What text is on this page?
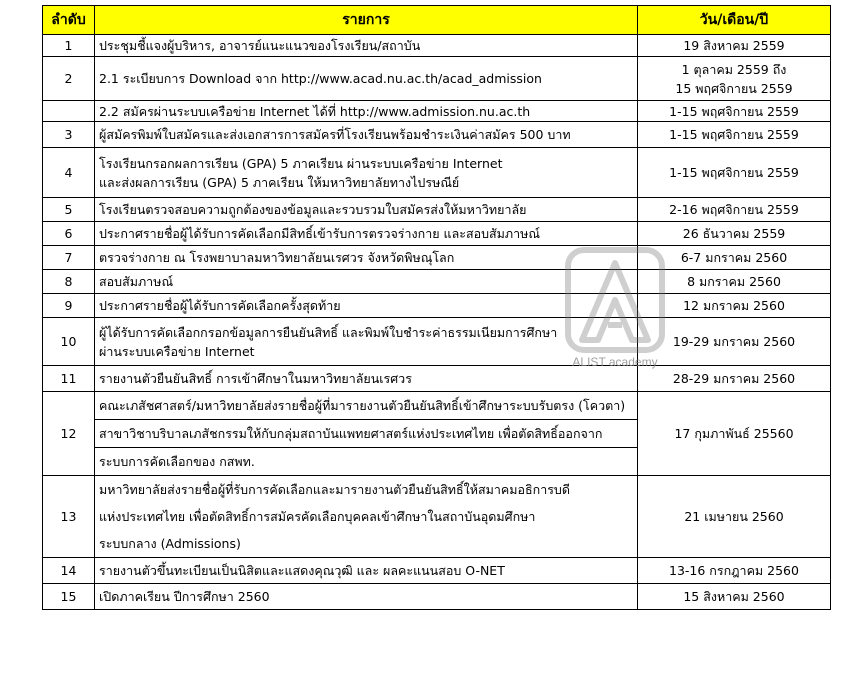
ลำดับ	รายการ	วัน/เดือน/ปี
1	ประชุมชี้แจงผู้บริหาร, อาจารย์แนะแนวของโรงเรียน/สถาบัน	19 สิงหาคม 2559

2	2.1 ระเบียบการ Download จาก http://www.acad.nu.ac.th/acad_admission	1 ตุลาคม 2559 ถึง
15 พฤศจิกายน 2559

	2.2 สมัครผ่านระบบเครือข่าย Internet ได้ที่ http://www.admission.nu.ac.th	1-15 พฤศจิกายน 2559

3	ผู้สมัครพิมพ์ใบสมัครและส่งเอกสารการสมัครที่โรงเรียนพร้อมชำระเงินค่าสมัคร 500 บาท	1-15 พฤศจิกายน 2559

4	โรงเรียนกรอกผลการเรียน (GPA) 5 ภาคเรียน ผ่านระบบเครือข่าย Internet
และส่งผลการเรียน (GPA) 5 ภาคเรียน ให้มหาวิทยาลัยทางไปรษณีย์	1-15 พฤศจิกายน 2559

5	โรงเรียนตรวจสอบความถูกต้องของข้อมูลและรวบรวมใบสมัครส่งให้มหาวิทยาลัย	2-16 พฤศจิกายน 2559

6	ประกาศรายชื่อผู้ได้รับการคัดเลือกมีสิทธิ์เข้ารับการตรวจร่างกาย และสอบสัมภาษณ์	26 ธันวาคม 2559

7	ตรวจร่างกาย ณ โรงพยาบาลมหาวิทยาลัยนเรศวร จังหวัดพิษณุโลก	6-7 มกราคม 2560

8	สอบสัมภาษณ์	8 มกราคม 2560

9	ประกาศรายชื่อผู้ได้รับการคัดเลือกครั้งสุดท้าย	12 มกราคม 2560

10	ผู้ได้รับการคัดเลือกกรอกข้อมูลการยืนยันสิทธิ์ และพิมพ์ใบชำระค่าธรรมเนียมการศึกษา
ผ่านระบบเครือข่าย Internet	19-29 มกราคม 2560

11	รายงานตัวยืนยันสิทธิ์ การเข้าศึกษาในมหาวิทยาลัยนเรศวร	28-29 มกราคม 2560

12	คณะเภสัชศาสตร์/มหาวิทยาลัยส่งรายชื่อผู้ที่มารายงานตัวยืนยันสิทธิ์เข้าศึกษาระบบรับตรง (โควตา)
สาขาวิชาบริบาลเภสัชกรรมให้กับกลุ่มสถาบันแพทยศาสตร์แห่งประเทศไทย เพื่อตัดสิทธิ์ออกจาก
ระบบการคัดเลือกของ กสพท.	17 กุมภาพันธ์ 25560

13	มหาวิทยาลัยส่งรายชื่อผู้ที่รับการคัดเลือกและมารายงานตัวยืนยันสิทธิ์ให้สมาคมอธิการบดี
แห่งประเทศไทย เพื่อตัดสิทธิ์การสมัครคัดเลือกบุคคลเข้าศึกษาในสถาบันอุดมศึกษา
ระบบกลาง (Admissions)	21 เมษายน 2560

14	รายงานตัวขึ้นทะเบียนเป็นนิสิตและแสดงคุณวุฒิ และ ผลคะแนนสอบ O-NET	13-16 กรกฎาคม 2560

15	เปิดภาคเรียน ปีการศึกษา 2560	15 สิงหาคม 2560
ALIST academy
